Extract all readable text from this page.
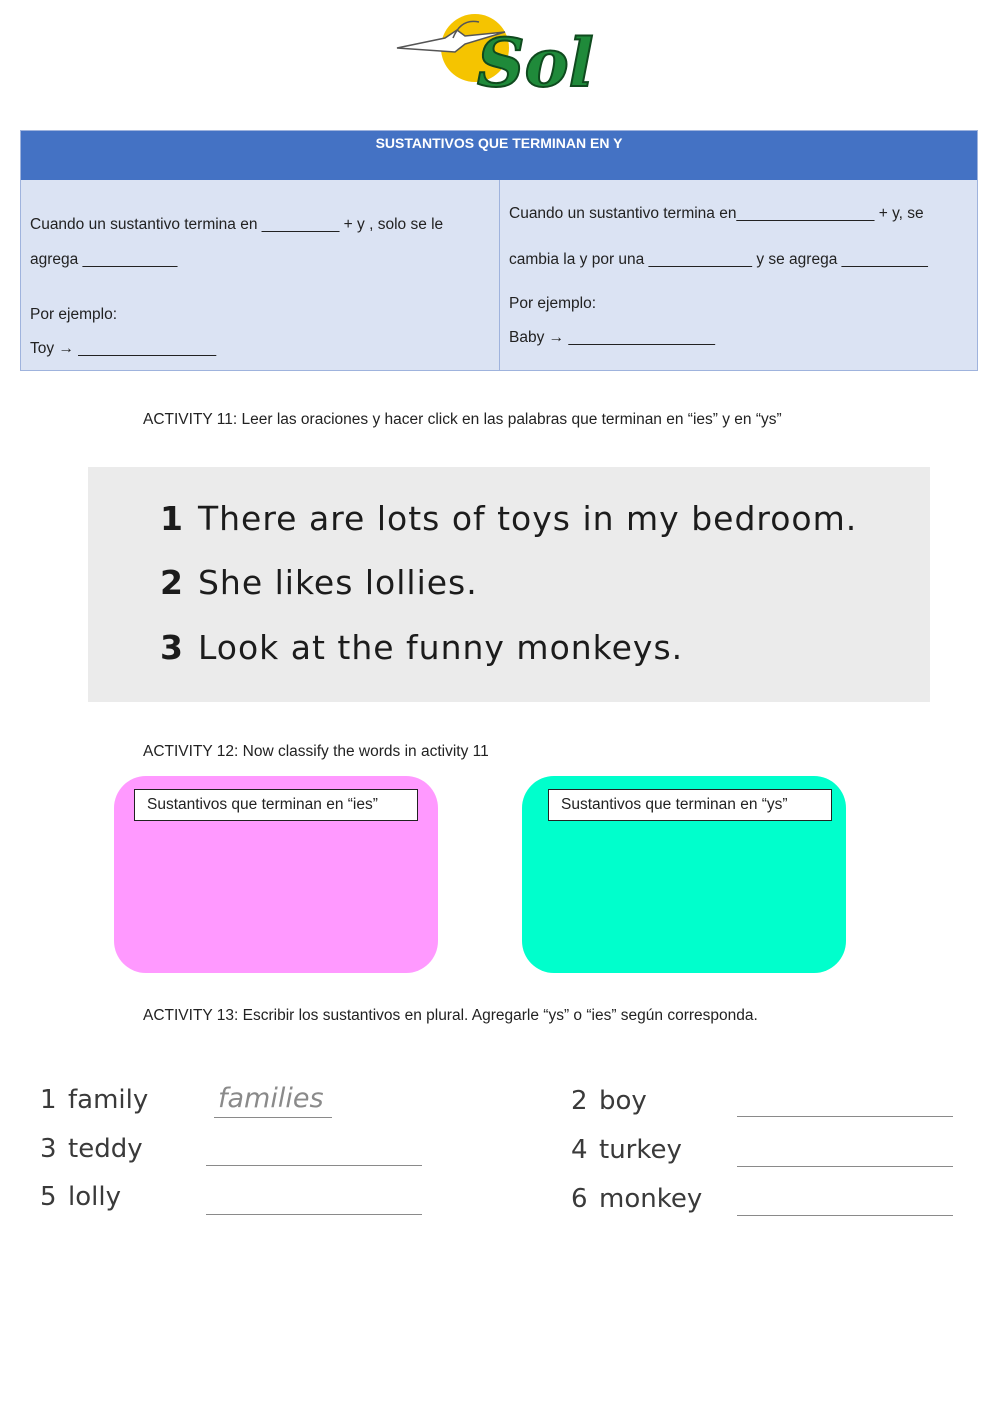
Sol
SUSTANTIVOS QUE TERMINAN EN Y
Cuando un sustantivo termina en _________ + y , solo se le
agrega ___________
Por ejemplo:
Toy → ________________
Cuando un sustantivo termina en________________ + y, se
cambia la y por una ____________ y se agrega __________
Por ejemplo:
Baby → _________________
ACTIVITY 11: Leer las oraciones y hacer click en las palabras que terminan en “ies” y en “ys”
1 There are lots of toys in my bedroom.
2 She likes lollies.
3 Look at the funny monkeys.
ACTIVITY 12: Now classify the words in activity 11
Sustantivos que terminan en “ies”	Sustantivos que terminan en “ys”
ACTIVITY 13: Escribir los sustantivos en plural. Agregarle “ys” o “ies” según corresponda.
1 family	families
3 teddy
5 lolly
2 boy
4 turkey
6 monkey
